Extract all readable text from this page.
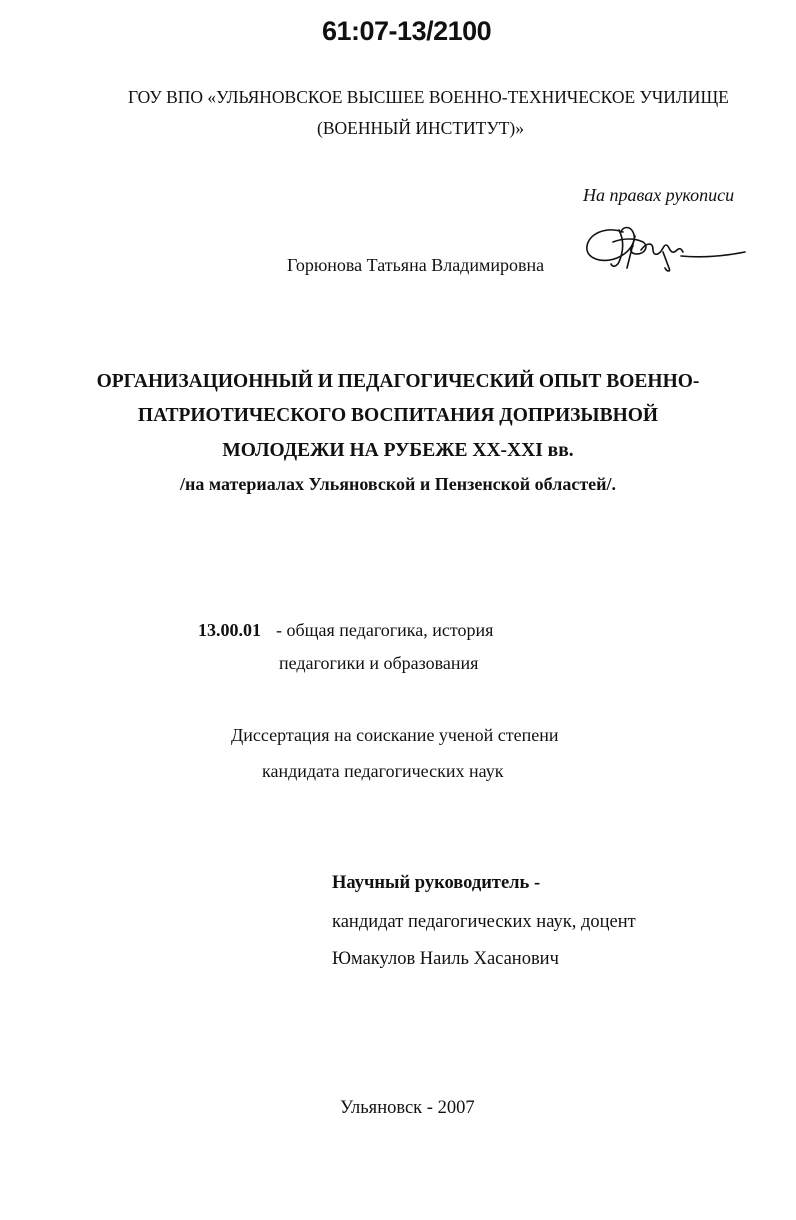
61:07-13/2100
ГОУ ВПО «УЛЬЯНОВСКОЕ ВЫСШЕЕ ВОЕННО-ТЕХНИЧЕСКОЕ УЧИЛИЩЕ
(ВОЕННЫЙ ИНСТИТУТ)»
На правах рукописи
Горюнова Татьяна Владимировна
ОРГАНИЗАЦИОННЫЙ И ПЕДАГОГИЧЕСКИЙ ОПЫТ ВОЕННО-
ПАТРИОТИЧЕСКОГО ВОСПИТАНИЯ ДОПРИЗЫВНОЙ
МОЛОДЕЖИ НА РУБЕЖЕ XX-XXI вв.
/на материалах Ульяновской и Пензенской областей/.
13.00.01 - общая педагогика, история
педагогики и образования
Диссертация на соискание ученой степени
кандидата педагогических наук
Научный руководитель -
кандидат педагогических наук, доцент
Юмакулов Наиль Хасанович
Ульяновск - 2007
